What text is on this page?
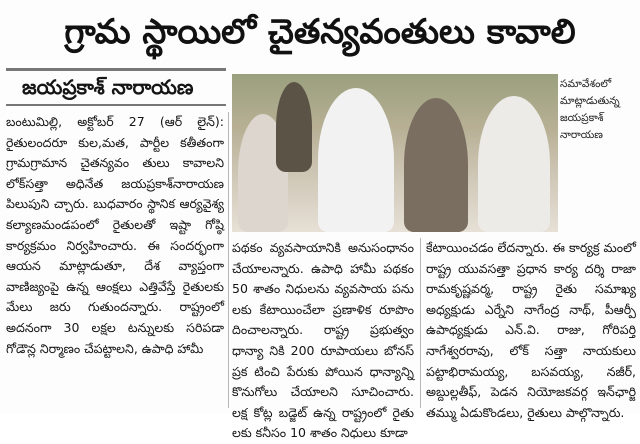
గ్రామ స్థాయిలో చైతన్యవంతులు కావాలి
జయప్రకాశ్ నారాయణ	సమావేశంలో మాట్లాడుతున్న జయప్రకాశ్ నారాయణ

బంటుమిల్లి, అక్టోబర్ 27 (ఆర్ లైన్): రైతులందరూ కుల,మత, పార్టీల కతీతంగా గ్రామగ్రామాన చైతన్యవం తులు కావాలని లోక్‌సత్తా అధినేత జయప్రకాశ్‌నారాయణ పిలుపుని చ్చారు. బుధవారం స్థానిక ఆర్యవైశ్య కల్యాణమండపంలో రైతులతో ఇష్టా గోష్ఠి కార్యక్రమం నిర్వహించారు. ఈ సందర్భంగా ఆయన మాట్లాడుతూ, దేశ వ్యాప్తంగా వాణిజ్యంపై ఉన్న ఆంక్షలు ఎత్తివేస్తే రైతులకు మేలు జరు గుతుందన్నారు. రాష్ట్రంలో అదనంగా 30 లక్షల టన్నులకు సరిపడా గోడౌన్ల నిర్మాణం చేపట్టాలని, ఉపాధి హామీ

పథకం వ్యవసాయానికి అనుసంధానం చేయాలన్నారు. ఉపాధి హామీ పథకం 50 శాతం నిధులను వ్యవసాయ పను లకు కేటాయించేలా ప్రణాళిక రూపొం దించాలన్నారు. రాష్ట్ర ప్రభుత్వం ధాన్యా నికి 200 రూపాయలు బోనస్ ప్రక టించి పేరుకు పోయిన ధాన్యాన్ని కొనుగోలు చేయాలని సూచించారు. లక్ష కోట్ల బడ్జెట్ ఉన్న రాష్ట్రంలో రైతు లకు కనీసం 10 శాతం నిధులు కూడా

కేటాయించడం లేదన్నారు. ఈ కార్యక్ర మంలో రాష్ట్ర యువసత్తా ప్రధాన కార్య దర్శి రాజా రామకృష్ణవర్మ, రాష్ట్ర రైతు సమాఖ్య అధ్యక్షుడు ఎర్నేని నాగేంద్ర నాథ్, పీఆర్పీ ఉపాధ్యక్షుడు ఎన్.వి. రాజు, గోరిపర్తి నాగేశ్వరరావు, లోక్ సత్తా నాయకులు పట్టాభిరామయ్య, బసవయ్య, నజీర్, అబ్దుల్లతీఫ్, పెడన నియోజకవర్గ ఇన్‌ఛార్జి తమ్ము ఏడుకొండలు, రైతులు పాల్గొన్నారు.
